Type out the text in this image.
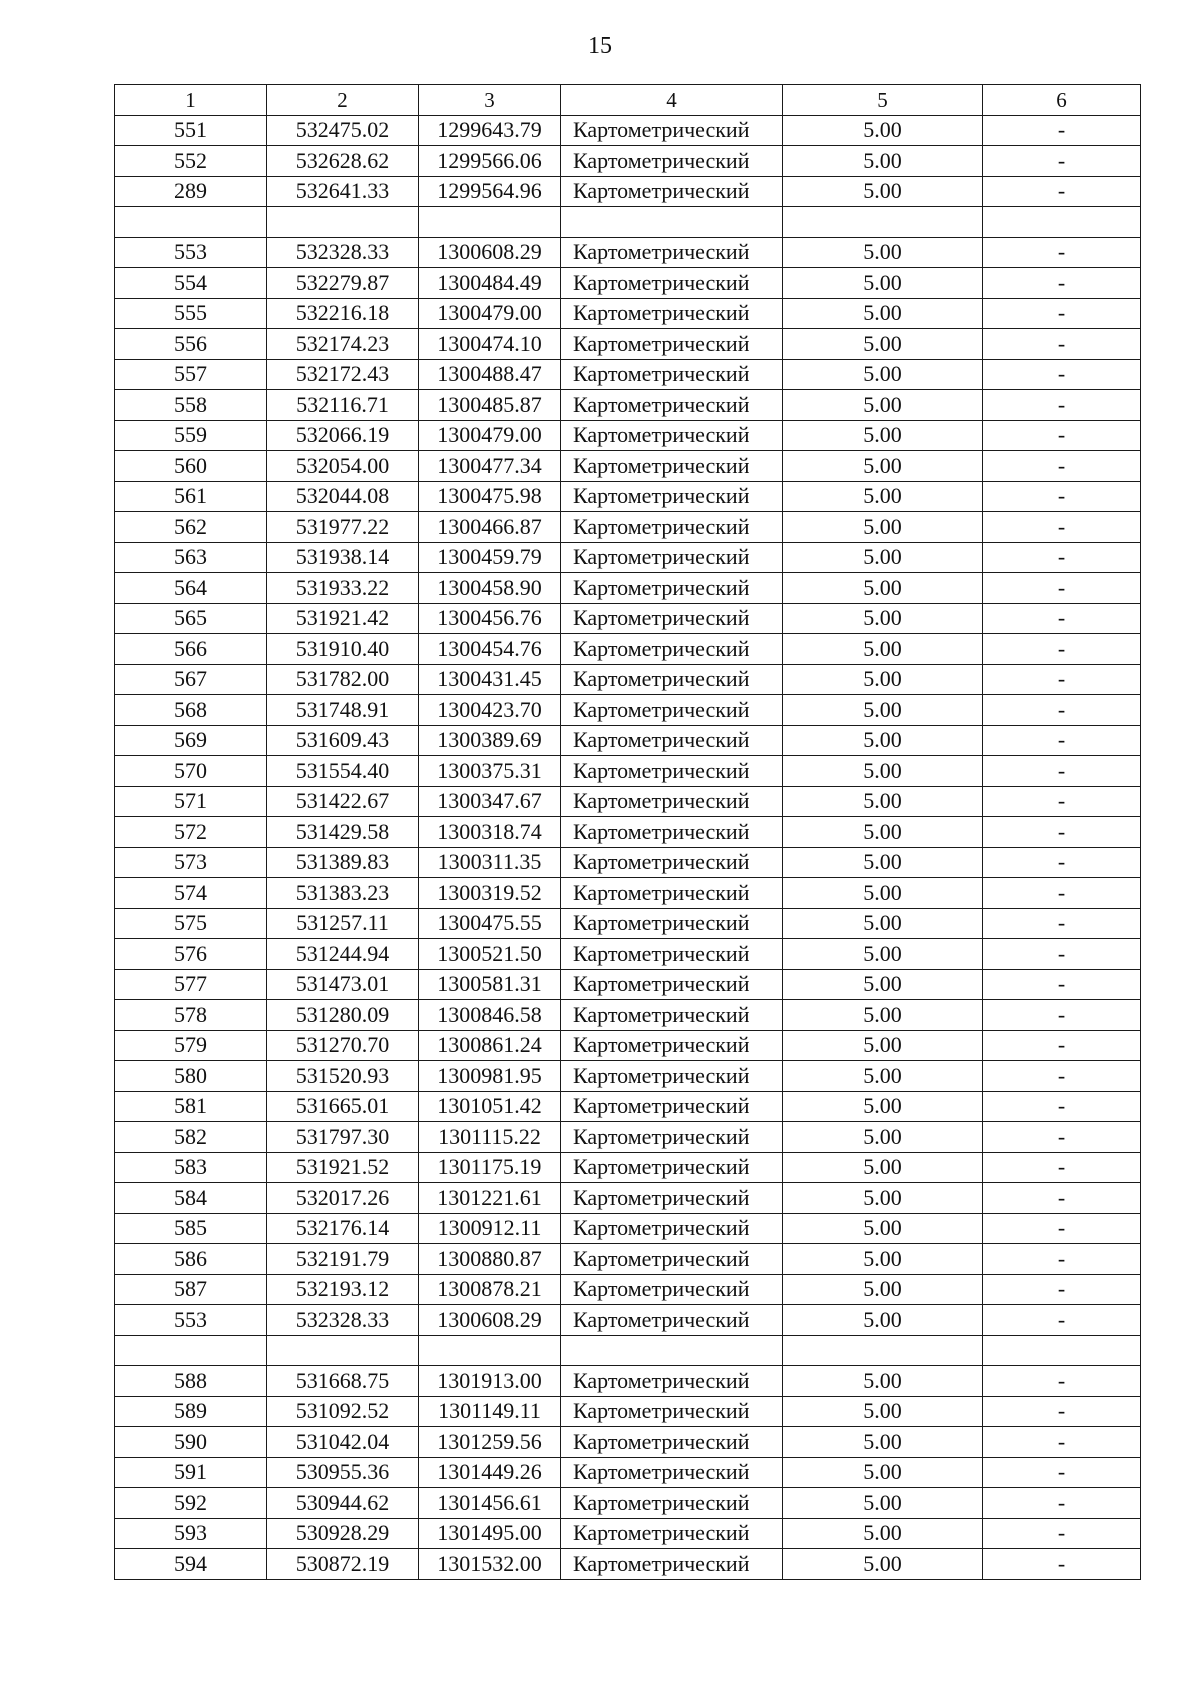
15
1	2	3	4	5	6
551	532475.02	1299643.79	Картометрический	5.00	-
552	532628.62	1299566.06	Картометрический	5.00	-
289	532641.33	1299564.96	Картометрический	5.00	-

553	532328.33	1300608.29	Картометрический	5.00	-
554	532279.87	1300484.49	Картометрический	5.00	-
555	532216.18	1300479.00	Картометрический	5.00	-
556	532174.23	1300474.10	Картометрический	5.00	-
557	532172.43	1300488.47	Картометрический	5.00	-
558	532116.71	1300485.87	Картометрический	5.00	-
559	532066.19	1300479.00	Картометрический	5.00	-
560	532054.00	1300477.34	Картометрический	5.00	-
561	532044.08	1300475.98	Картометрический	5.00	-
562	531977.22	1300466.87	Картометрический	5.00	-
563	531938.14	1300459.79	Картометрический	5.00	-
564	531933.22	1300458.90	Картометрический	5.00	-
565	531921.42	1300456.76	Картометрический	5.00	-
566	531910.40	1300454.76	Картометрический	5.00	-
567	531782.00	1300431.45	Картометрический	5.00	-
568	531748.91	1300423.70	Картометрический	5.00	-
569	531609.43	1300389.69	Картометрический	5.00	-
570	531554.40	1300375.31	Картометрический	5.00	-
571	531422.67	1300347.67	Картометрический	5.00	-
572	531429.58	1300318.74	Картометрический	5.00	-
573	531389.83	1300311.35	Картометрический	5.00	-
574	531383.23	1300319.52	Картометрический	5.00	-
575	531257.11	1300475.55	Картометрический	5.00	-
576	531244.94	1300521.50	Картометрический	5.00	-
577	531473.01	1300581.31	Картометрический	5.00	-
578	531280.09	1300846.58	Картометрический	5.00	-
579	531270.70	1300861.24	Картометрический	5.00	-
580	531520.93	1300981.95	Картометрический	5.00	-
581	531665.01	1301051.42	Картометрический	5.00	-
582	531797.30	1301115.22	Картометрический	5.00	-
583	531921.52	1301175.19	Картометрический	5.00	-
584	532017.26	1301221.61	Картометрический	5.00	-
585	532176.14	1300912.11	Картометрический	5.00	-
586	532191.79	1300880.87	Картометрический	5.00	-
587	532193.12	1300878.21	Картометрический	5.00	-
553	532328.33	1300608.29	Картометрический	5.00	-

588	531668.75	1301913.00	Картометрический	5.00	-
589	531092.52	1301149.11	Картометрический	5.00	-
590	531042.04	1301259.56	Картометрический	5.00	-
591	530955.36	1301449.26	Картометрический	5.00	-
592	530944.62	1301456.61	Картометрический	5.00	-
593	530928.29	1301495.00	Картометрический	5.00	-
594	530872.19	1301532.00	Картометрический	5.00	-
